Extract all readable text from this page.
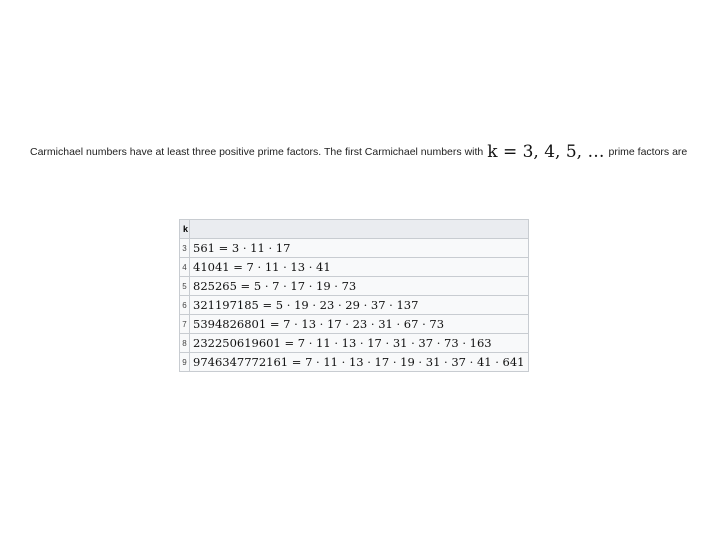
Carmichael numbers have at least three positive prime factors. The first Carmichael numbers with k = 3, 4, 5, … prime factors are
k	
3	561 = 3 · 11 · 17
4	41041 = 7 · 11 · 13 · 41
5	825265 = 5 · 7 · 17 · 19 · 73
6	321197185 = 5 · 19 · 23 · 29 · 37 · 137
7	5394826801 = 7 · 13 · 17 · 23 · 31 · 67 · 73
8	232250619601 = 7 · 11 · 13 · 17 · 31 · 37 · 73 · 163
9	9746347772161 = 7 · 11 · 13 · 17 · 19 · 31 · 37 · 41 · 641
